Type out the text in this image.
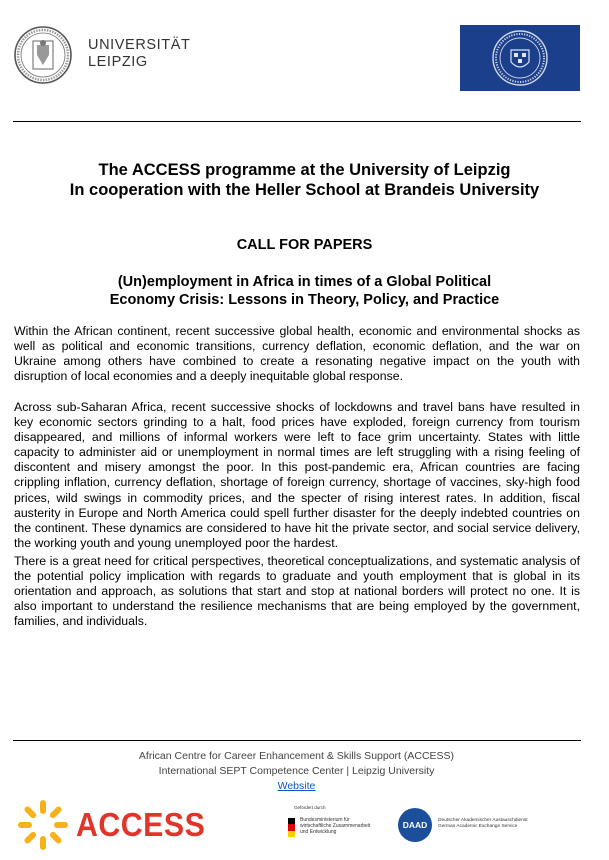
UNIVERSITÄT
LEIPZIG
The ACCESS programme at the University of Leipzig
In cooperation with the Heller School at Brandeis University
CALL FOR PAPERS
(Un)employment in Africa in times of a Global Political
Economy Crisis: Lessons in Theory, Policy, and Practice

Within the African continent, recent successive global health, economic and environmental shocks as well as political and economic transitions, currency deflation, economic deflation, and the war on Ukraine among others have combined to create a resonating negative impact on the youth with disruption of local economies and a deeply inequitable global response.

Across sub-Saharan Africa, recent successive shocks of lockdowns and travel bans have resulted in key economic sectors grinding to a halt, food prices have exploded, foreign currency from tourism disappeared, and millions of informal workers were left to face grim uncertainty. States with little capacity to administer aid or unemployment in normal times are left struggling with a rising feeling of discontent and misery amongst the poor. In this post-pandemic era, African countries are facing crippling inflation, currency deflation, shortage of foreign currency, shortage of vaccines, sky-high food prices, wild swings in commodity prices, and the specter of rising interest rates. In addition, fiscal austerity in Europe and North America could spell further disaster for the deeply indebted countries on the continent. These dynamics are considered to have hit the private sector, and social service delivery, the working youth and young unemployed poor the hardest.

There is a great need for critical perspectives, theoretical conceptualizations, and systematic analysis of the potential policy implication with regards to graduate and youth employment that is global in its orientation and approach, as solutions that start and stop at national borders will protect no one. It is also important to understand the resilience mechanisms that are being employed by the government, families, and individuals.

African Centre for Career Enhancement & Skills Support (ACCESS)
International SEPT Competence Center | Leipzig University
Website
ACCESS	Gefördert durch
Bundesministerium für wirtschaftliche Zusammenarbeit und Entwicklung
DAAD	Deutscher Akademischer Austauschdienst German Academic Exchange Service
